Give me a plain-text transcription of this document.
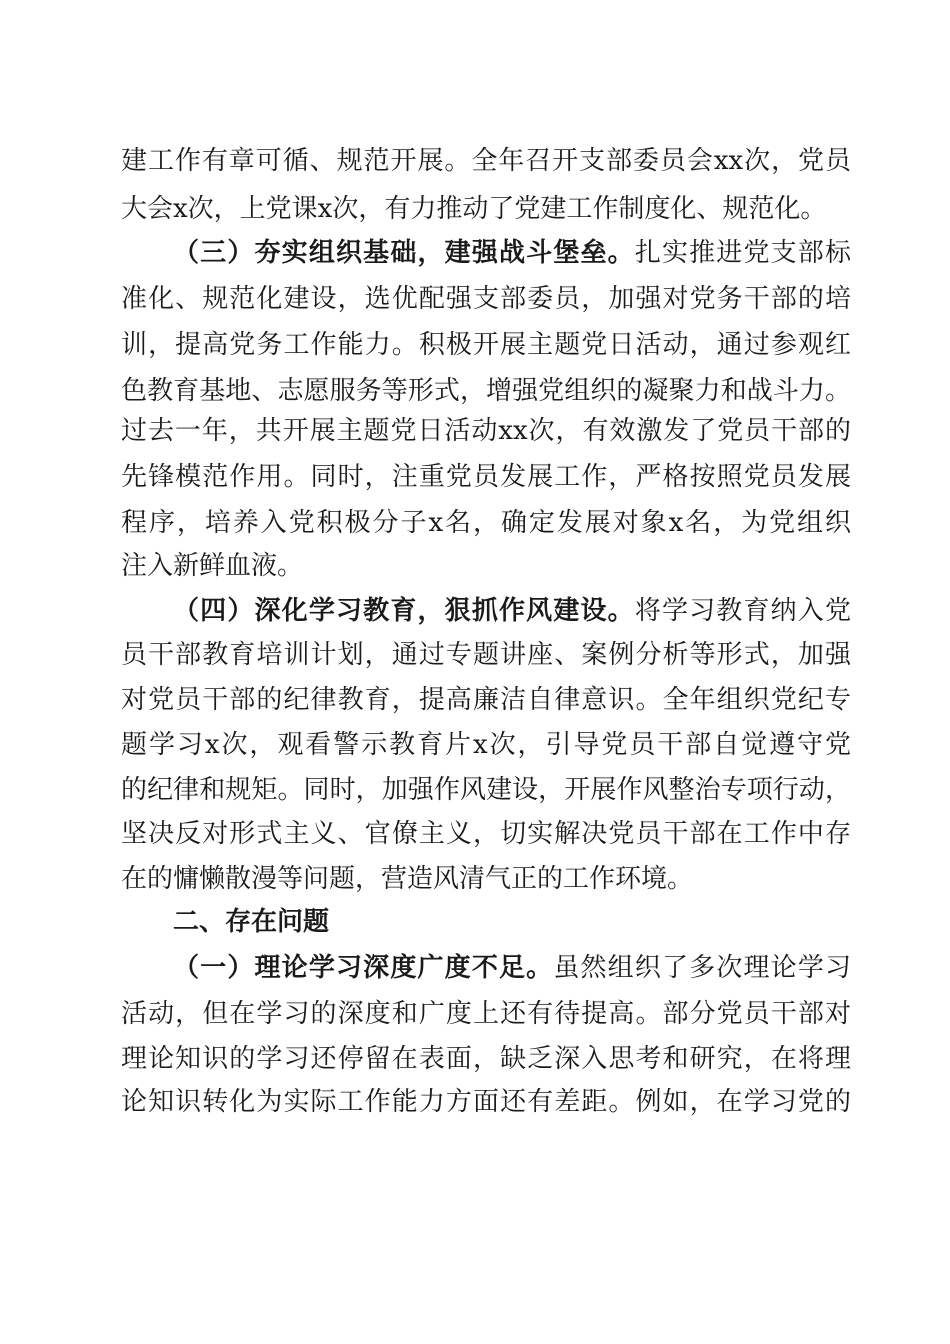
建工作有章可循、规范开展。全年召开支部委员会xx次，党员
大会x次，上党课x次，有力推动了党建工作制度化、规范化。
（三）夯实组织基础，建强战斗堡垒。扎实推进党支部标
准化、规范化建设，选优配强支部委员，加强对党务干部的培
训，提高党务工作能力。积极开展主题党日活动，通过参观红
色教育基地、志愿服务等形式，增强党组织的凝聚力和战斗力。
过去一年，共开展主题党日活动xx次，有效激发了党员干部的
先锋模范作用。同时，注重党员发展工作，严格按照党员发展
程序，培养入党积极分子x名，确定发展对象x名，为党组织
注入新鲜血液。
（四）深化学习教育，狠抓作风建设。将学习教育纳入党
员干部教育培训计划，通过专题讲座、案例分析等形式，加强
对党员干部的纪律教育，提高廉洁自律意识。全年组织党纪专
题学习x次，观看警示教育片x次，引导党员干部自觉遵守党
的纪律和规矩。同时，加强作风建设，开展作风整治专项行动，
坚决反对形式主义、官僚主义，切实解决党员干部在工作中存
在的慵懒散漫等问题，营造风清气正的工作环境。
二、存在问题
（一）理论学习深度广度不足。虽然组织了多次理论学习
活动，但在学习的深度和广度上还有待提高。部分党员干部对
理论知识的学习还停留在表面，缺乏深入思考和研究，在将理
论知识转化为实际工作能力方面还有差距。例如，在学习党的
